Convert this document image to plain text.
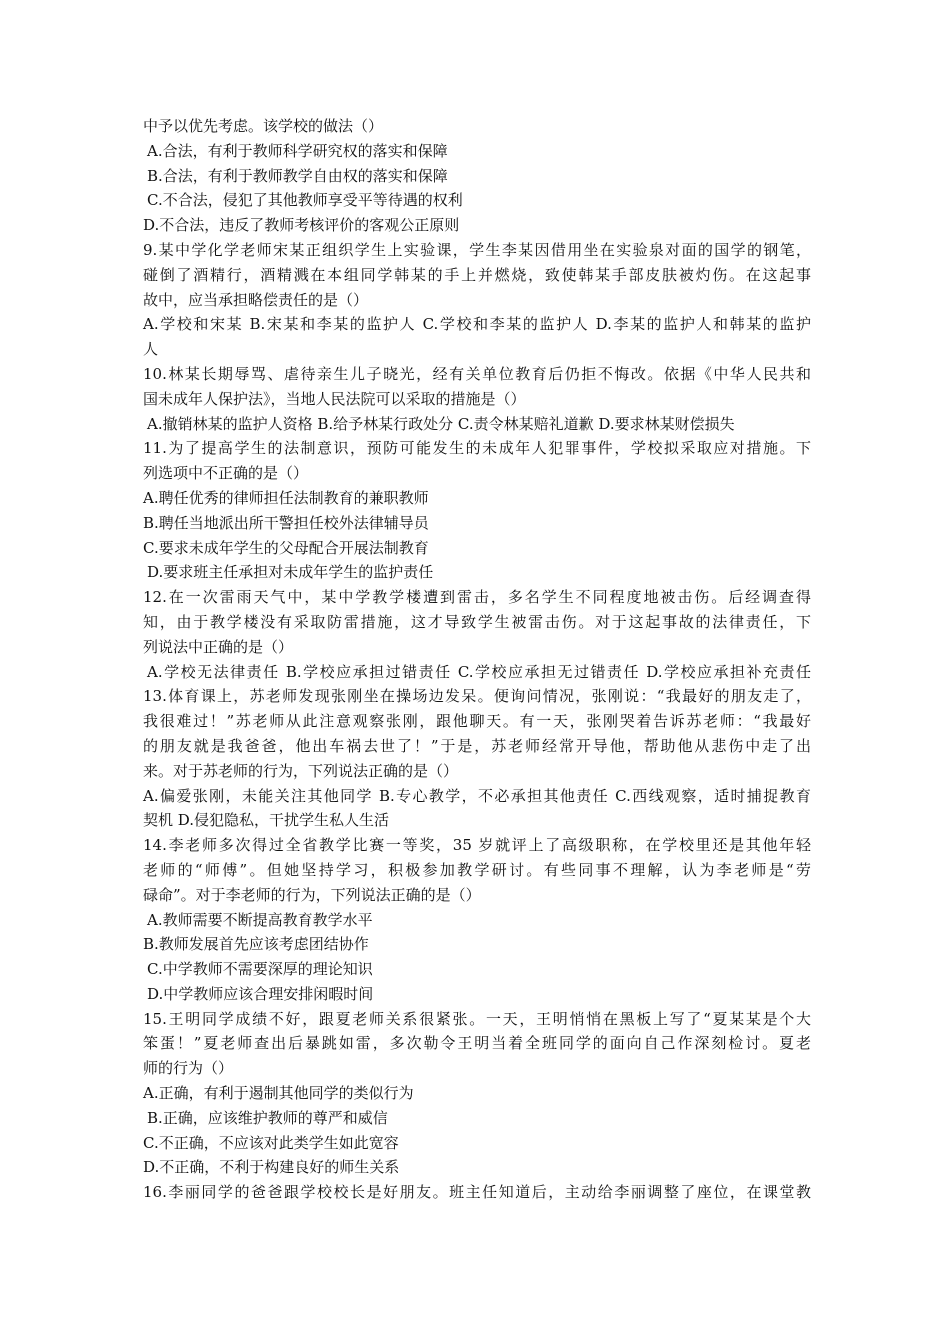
中予以优先考虑。该学校的做法（）
A.合法，有利于教师科学研究权的落实和保障
B.合法，有利于教师教学自由权的落实和保障
C.不合法，侵犯了其他教师享受平等待遇的权利
D.不合法，违反了教师考核评价的客观公正原则
9.某中学化学老师宋某正组织学生上实验课，学生李某因借用坐在实验泉对面的国学的钢笔，
碰倒了酒精行，酒精溅在本组同学韩某的手上并燃烧，致使韩某手部皮肤被灼伤。在这起事
故中，应当承担略偿责任的是（）
A.学校和宋某 B.宋某和李某的监护人 C.学校和李某的监护人 D.李某的监护人和韩某的监护
人
10.林某长期辱骂、虐待亲生儿子晓光，经有关单位教育后仍拒不悔改。依据《中华人民共和
国未成年人保护法》，当地人民法院可以采取的措施是（）
A.撤销林某的监护人资格 B.给予林某行政处分 C.责令林某赔礼道歉 D.要求林某财偿损失
11.为了提高学生的法制意识，预防可能发生的未成年人犯罪事件，学校拟采取应对措施。下
列选项中不正确的是（）
A.聘任优秀的律师担任法制教育的兼职教师
B.聘任当地派出所干警担任校外法律辅导员
C.要求未成年学生的父母配合开展法制教育
D.要求班主任承担对未成年学生的监护责任
12.在一次雷雨天气中，某中学教学楼遭到雷击，多名学生不同程度地被击伤。后经调查得
知，由于教学楼没有采取防雷措施，这才导致学生被雷击伤。对于这起事故的法律责任，下
列说法中正确的是（）
A.学校无法律责任 B.学校应承担过错责任 C.学校应承担无过错责任 D.学校应承担补充责任
13.体育课上，苏老师发现张刚坐在操场边发呆。便询问情况，张刚说：“我最好的朋友走了，
我很难过！”苏老师从此注意观察张刚，跟他聊天。有一天，张刚哭着告诉苏老师：“我最好
的朋友就是我爸爸，他出车祸去世了！”于是，苏老师经常开导他，帮助他从悲伤中走了出
来。对于苏老师的行为，下列说法正确的是（）
A.偏爱张刚，未能关注其他同学 B.专心教学，不必承担其他责任 C.西线观察，适时捕捉教育
契机 D.侵犯隐私，干扰学生私人生活
14.李老师多次得过全省教学比赛一等奖，35 岁就评上了高级职称，在学校里还是其他年轻
老师的“师傅”。但她坚持学习，积极参加教学研讨。有些同事不理解，认为李老师是“劳
碌命”。对于李老师的行为，下列说法正确的是（）
A.教师需要不断提高教育教学水平
B.教师发展首先应该考虑团结协作
C.中学教师不需要深厚的理论知识
D.中学教师应该合理安排闲暇时间
15.王明同学成绩不好，跟夏老师关系很紧张。一天，王明悄悄在黑板上写了“夏某某是个大
笨蛋！”夏老师查出后暴跳如雷，多次勒令王明当着全班同学的面向自己作深刻检讨。夏老
师的行为（）
A.正确，有利于遏制其他同学的类似行为
B.正确，应该维护教师的尊严和威信
C.不正确，不应该对此类学生如此宽容
D.不正确，不利于构建良好的师生关系
16.李丽同学的爸爸跟学校校长是好朋友。班主任知道后，主动给李丽调整了座位，在课堂教
